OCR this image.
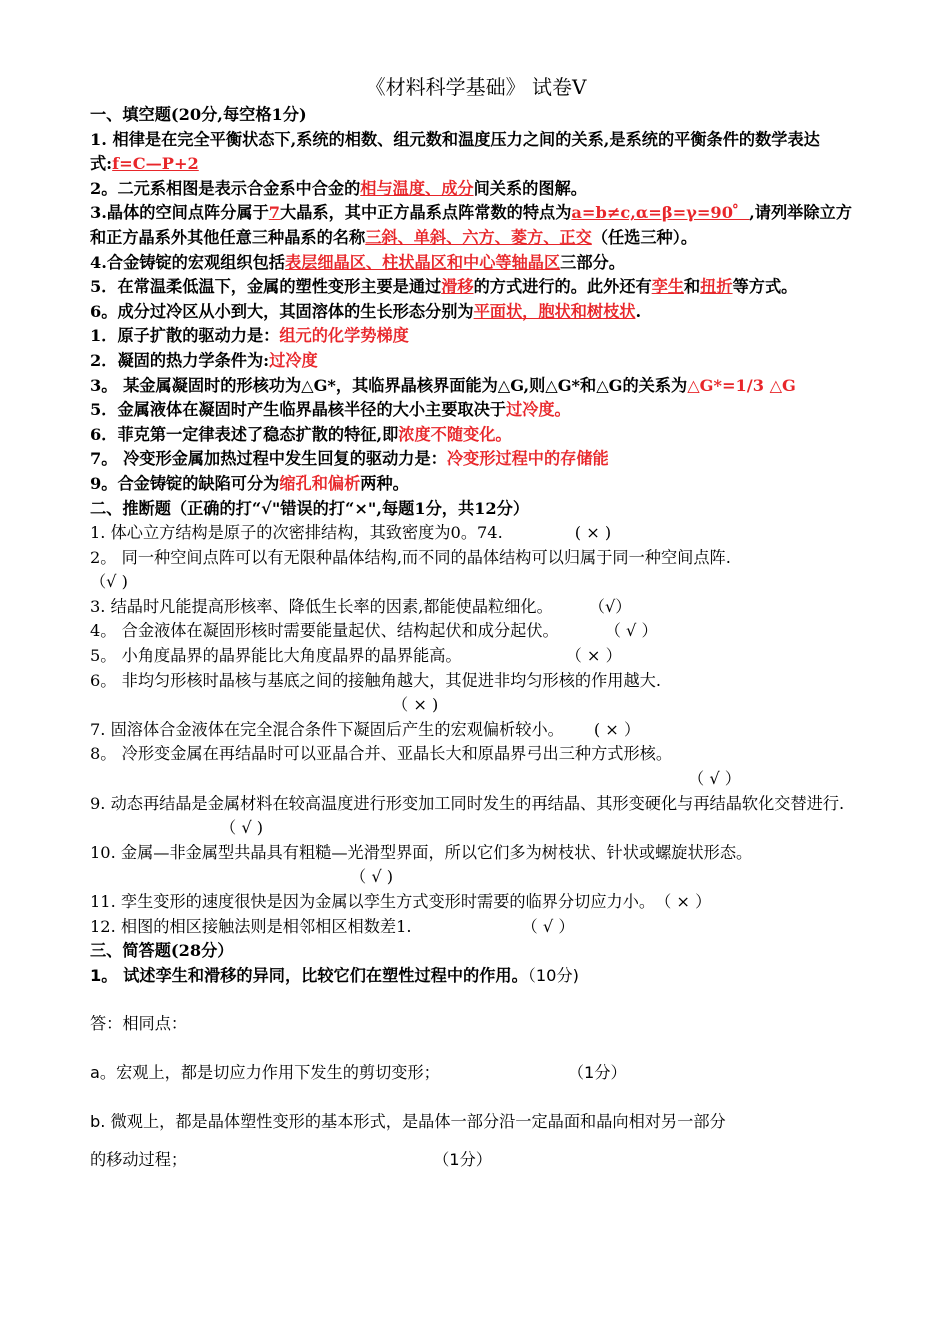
《材料科学基础》 试卷Ⅴ
一、填空题(20分,每空格1分)
1. 相律是在完全平衡状态下,系统的相数、组元数和温度压力之间的关系,是系统的平衡条件的数学表达式:f=C—P+2
2。二元系相图是表示合金系中合金的相与温度、成分间关系的图解。
3.晶体的空间点阵分属于7大晶系，其中正方晶系点阵常数的特点为a=b≠c,α=β=γ=90゜,请列举除立方和正方晶系外其他任意三种晶系的名称三斜、单斜、六方、菱方、正交（任选三种）。
4.合金铸锭的宏观组织包括表层细晶区、柱状晶区和中心等轴晶区三部分。
5．在常温柔低温下，金属的塑性变形主要是通过滑移的方式进行的。此外还有孪生和扭折等方式。
6。成分过冷区从小到大，其固溶体的生长形态分别为平面状，胞状和树枝状.
1．原子扩散的驱动力是：组元的化学势梯度
2．凝固的热力学条件为:过冷度
3。 某金属凝固时的形核功为△G*，其临界晶核界面能为△G,则△G*和△G的关系为△G*=1/3 △G
5．金属液体在凝固时产生临界晶核半径的大小主要取决于过冷度。
6．菲克第一定律表述了稳态扩散的特征,即浓度不随变化。
7。 冷变形金属加热过程中发生回复的驱动力是：冷变形过程中的存储能
9。合金铸锭的缺陷可分为缩孔和偏析两种。
二、推断题（正确的打“√"错误的打“×",每题1分，共12分）
1. 体心立方结构是原子的次密排结构，其致密度为0。74.	( × )
2。 同一种空间点阵可以有无限种晶体结构,而不同的晶体结构可以归属于同一种空间点阵.
（√ )
3. 结晶时凡能提高形核率、降低生长率的因素,都能使晶粒细化。 （√）
4。 合金液体在凝固形核时需要能量起伏、结构起伏和成分起伏。	（ √ ）
5。 小角度晶界的晶界能比大角度晶界的晶界能高。	（ × ）
6。 非均匀形核时晶核与基底之间的接触角越大，其促进非均匀形核的作用越大.
（ × )
7. 固溶体合金液体在完全混合条件下凝固后产生的宏观偏析较小。 ( × ）
8。 冷形变金属在再结晶时可以亚晶合并、亚晶长大和原晶界弓出三种方式形核。
（ √ ）
9. 动态再结晶是金属材料在较高温度进行形变加工同时发生的再结晶、其形变硬化与再结晶软化交替进行.（ √ )
10. 金属—非金属型共晶具有粗糙—光滑型界面，所以它们多为树枝状、针状或螺旋状形态。
（ √ )
11. 孪生变形的速度很快是因为金属以孪生方式变形时需要的临界分切应力小。（ × ）
12. 相图的相区接触法则是相邻相区相数差1.	（ √ ）
三、简答题(28分）
1。 试述孪生和滑移的异同，比较它们在塑性过程中的作用。（10分)
答：相同点：
a。宏观上，都是切应力作用下发生的剪切变形；	（1分）
b. 微观上，都是晶体塑性变形的基本形式，是晶体一部分沿一定晶面和晶向相对另一部分
的移动过程；	（1分）
